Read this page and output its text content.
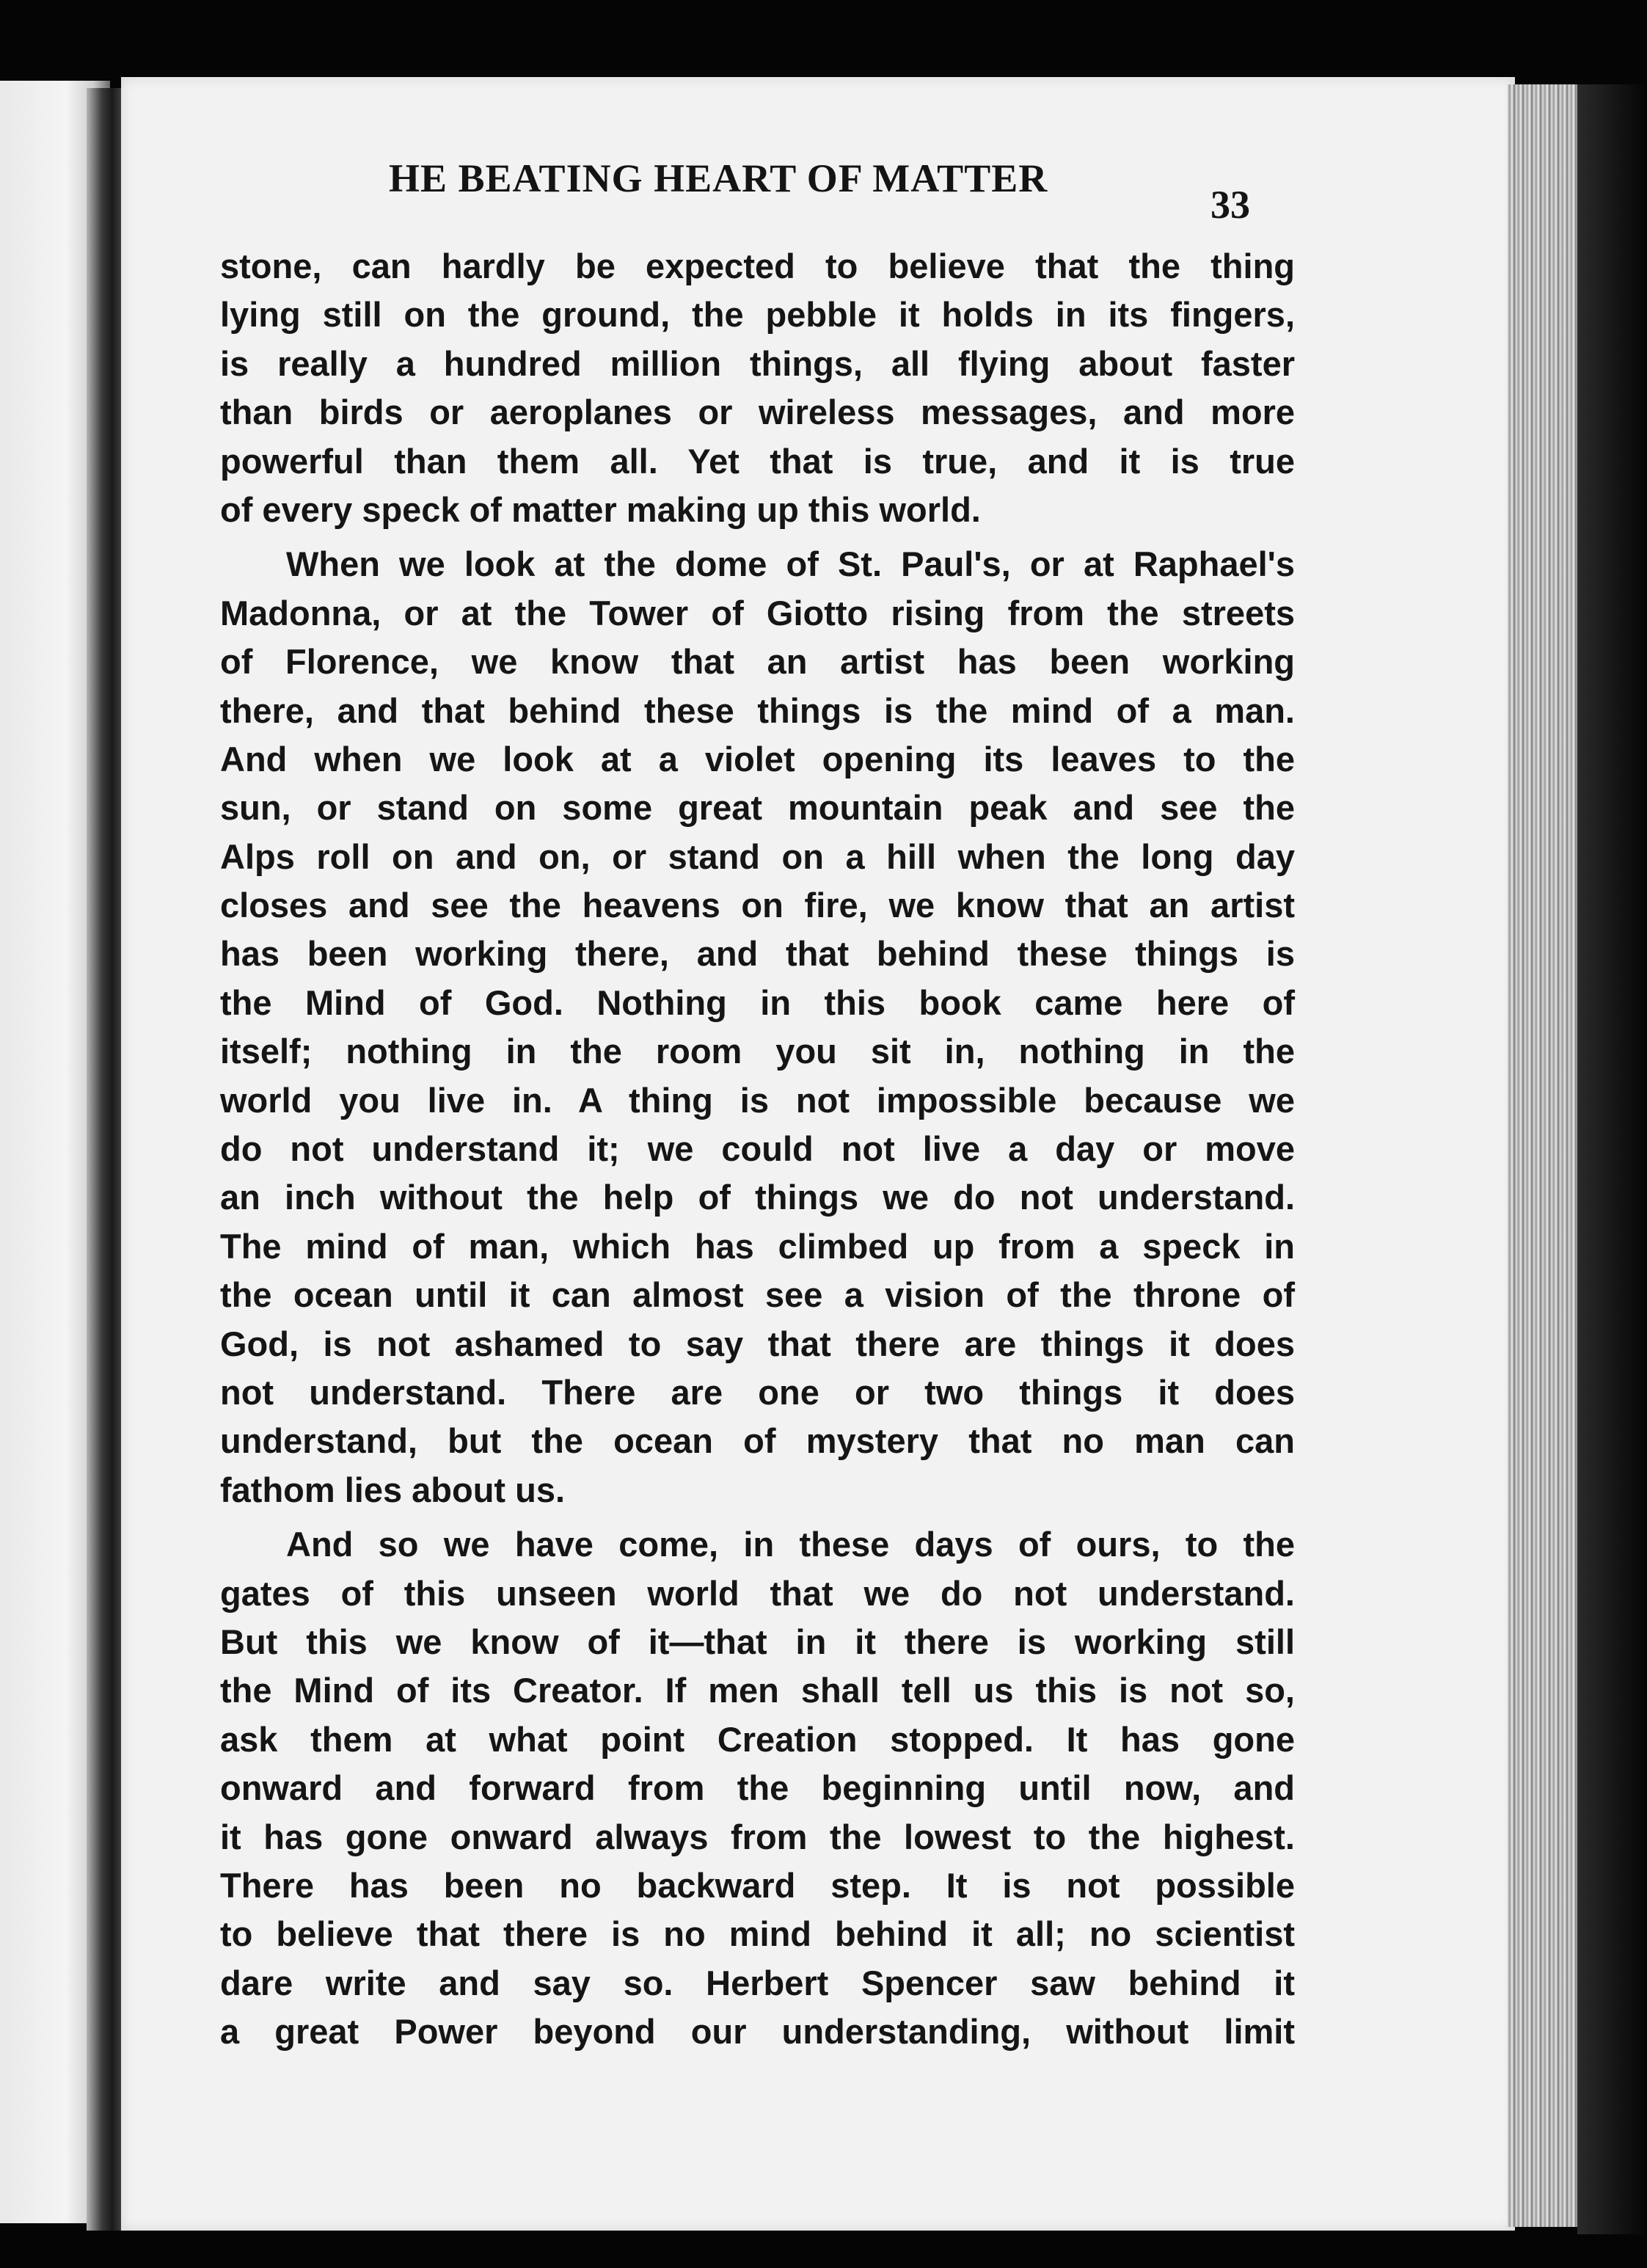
HE BEATING HEART OF MATTER
33
stone, can hardly be expected to believe that the thing
lying still on the ground, the pebble it holds in its fingers,
is really a hundred million things, all flying about faster
than birds or aeroplanes or wireless messages, and more
powerful than them all. Yet that is true, and it is true
of every speck of matter making up this world.
When we look at the dome of St. Paul's, or at Raphael's
Madonna, or at the Tower of Giotto rising from the streets
of Florence, we know that an artist has been working
there, and that behind these things is the mind of a man.
And when we look at a violet opening its leaves to the
sun, or stand on some great mountain peak and see the
Alps roll on and on, or stand on a hill when the long day
closes and see the heavens on fire, we know that an artist
has been working there, and that behind these things is
the Mind of God. Nothing in this book came here of
itself; nothing in the room you sit in, nothing in the
world you live in. A thing is not impossible because we
do not understand it; we could not live a day or move
an inch without the help of things we do not understand.
The mind of man, which has climbed up from a speck in
the ocean until it can almost see a vision of the throne of
God, is not ashamed to say that there are things it does
not understand. There are one or two things it does
understand, but the ocean of mystery that no man can
fathom lies about us.
And so we have come, in these days of ours, to the
gates of this unseen world that we do not understand.
But this we know of it—that in it there is working still
the Mind of its Creator. If men shall tell us this is not so,
ask them at what point Creation stopped. It has gone
onward and forward from the beginning until now, and
it has gone onward always from the lowest to the highest.
There has been no backward step. It is not possible
to believe that there is no mind behind it all; no scientist
dare write and say so. Herbert Spencer saw behind it
a great Power beyond our understanding, without limit
